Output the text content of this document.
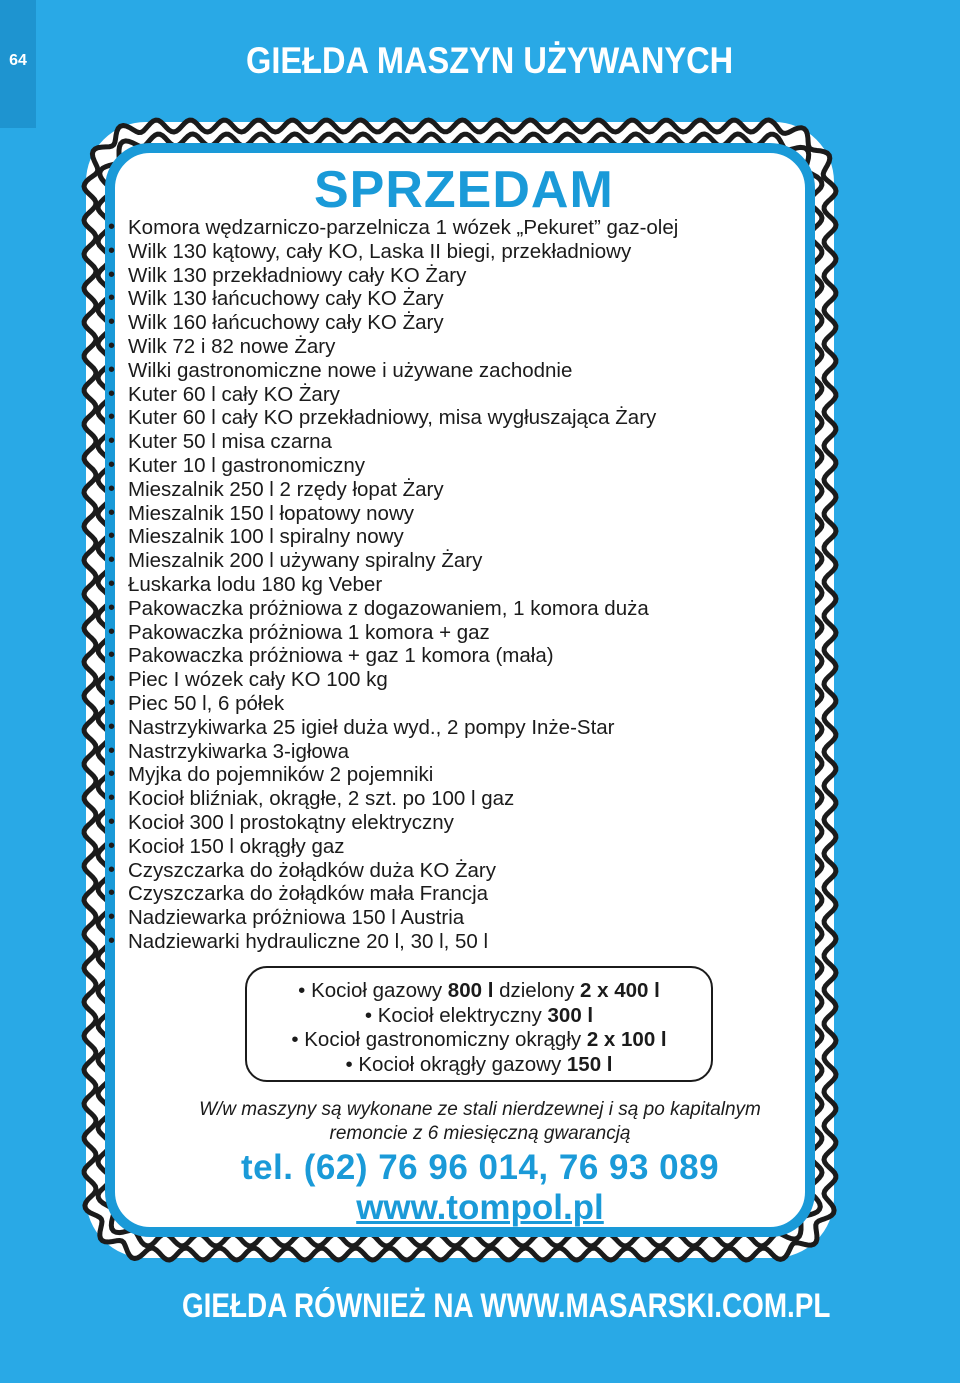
64	GIEŁDA MASZYN UŻYWANYCH
SPRZEDAM
• Komora wędzarniczo-parzelnicza 1 wózek „Pekuret” gaz-olej
• Wilk 130 kątowy, cały KO, Laska II biegi, przekładniowy
• Wilk 130 przekładniowy cały KO Żary
• Wilk 130 łańcuchowy cały KO Żary
• Wilk 160 łańcuchowy cały KO Żary
• Wilk 72 i 82 nowe Żary
• Wilki gastronomiczne nowe i używane zachodnie
• Kuter 60 l cały KO Żary
• Kuter 60 l cały KO przekładniowy, misa wygłuszająca Żary
• Kuter 50 l misa czarna
• Kuter 10 l gastronomiczny
• Mieszalnik 250 l 2 rzędy łopat Żary
• Mieszalnik 150 l łopatowy nowy
• Mieszalnik 100 l spiralny nowy
• Mieszalnik 200 l używany spiralny Żary
• Łuskarka lodu 180 kg Veber
• Pakowaczka próżniowa z dogazowaniem, 1 komora duża
• Pakowaczka próżniowa 1 komora + gaz
• Pakowaczka próżniowa + gaz 1 komora (mała)
• Piec I wózek cały KO 100 kg
• Piec 50 l, 6 półek
• Nastrzykiwarka 25 igieł duża wyd., 2 pompy Inże-Star
• Nastrzykiwarka 3-igłowa
• Myjka do pojemników 2 pojemniki
• Kocioł bliźniak, okrągłe, 2 szt. po 100 l gaz
• Kocioł 300 l prostokątny elektryczny
• Kocioł 150 l okrągły gaz
• Czyszczarka do żołądków duża KO Żary
• Czyszczarka do żołądków mała Francja
• Nadziewarka próżniowa 150 l Austria
• Nadziewarki hydrauliczne 20 l, 30 l, 50 l
• Kocioł gazowy 800 l dzielony 2 x 400 l
• Kocioł elektryczny 300 l
• Kocioł gastronomiczny okrągły 2 x 100 l
• Kocioł okrągły gazowy 150 l
W/w maszyny są wykonane ze stali nierdzewnej i są po kapitalnym
remoncie z 6 miesięczną gwarancją
tel. (62) 76 96 014, 76 93 089
www.tompol.pl
GIEŁDA RÓWNIEŻ NA WWW.MASARSKI.COM.PL
